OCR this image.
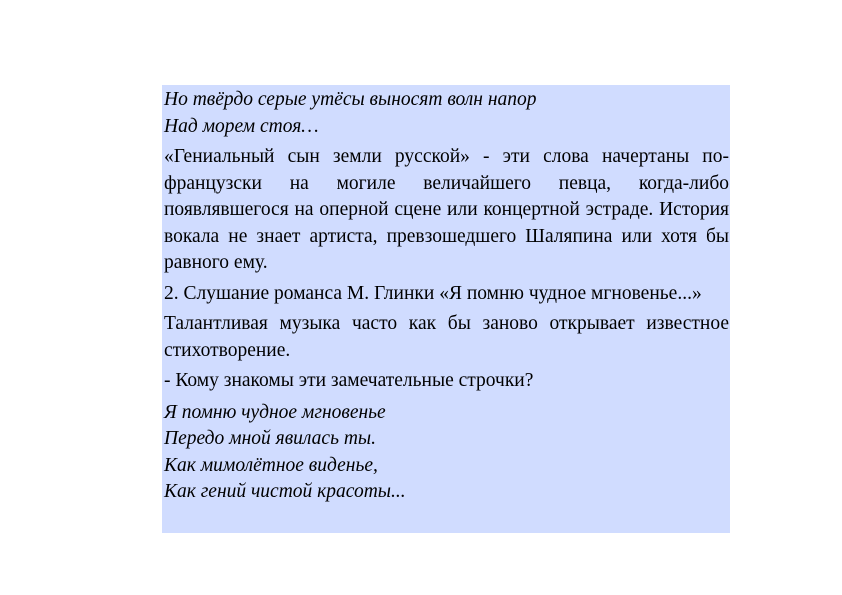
Но твёрдо серые утёсы выносят волн напор

Над морем стоя…

«Гениальный сын земли русской» - эти слова начертаны по-французски на могиле величайшего певца, когда-либо появлявшегося на оперной сцене или концертной эстраде. История вокала не знает артиста, превзошедшего Шаляпина или хотя бы равного ему.

2. Слушание романса М. Глинки «Я помню чудное мгновенье...»

Талантливая музыка часто как бы заново открывает известное стихотворение.

- Кому знакомы эти замечательные строчки?

Я помню чудное мгновенье

Передо мной явилась ты.

Как мимолётное виденье,

Как гений чистой красоты...
